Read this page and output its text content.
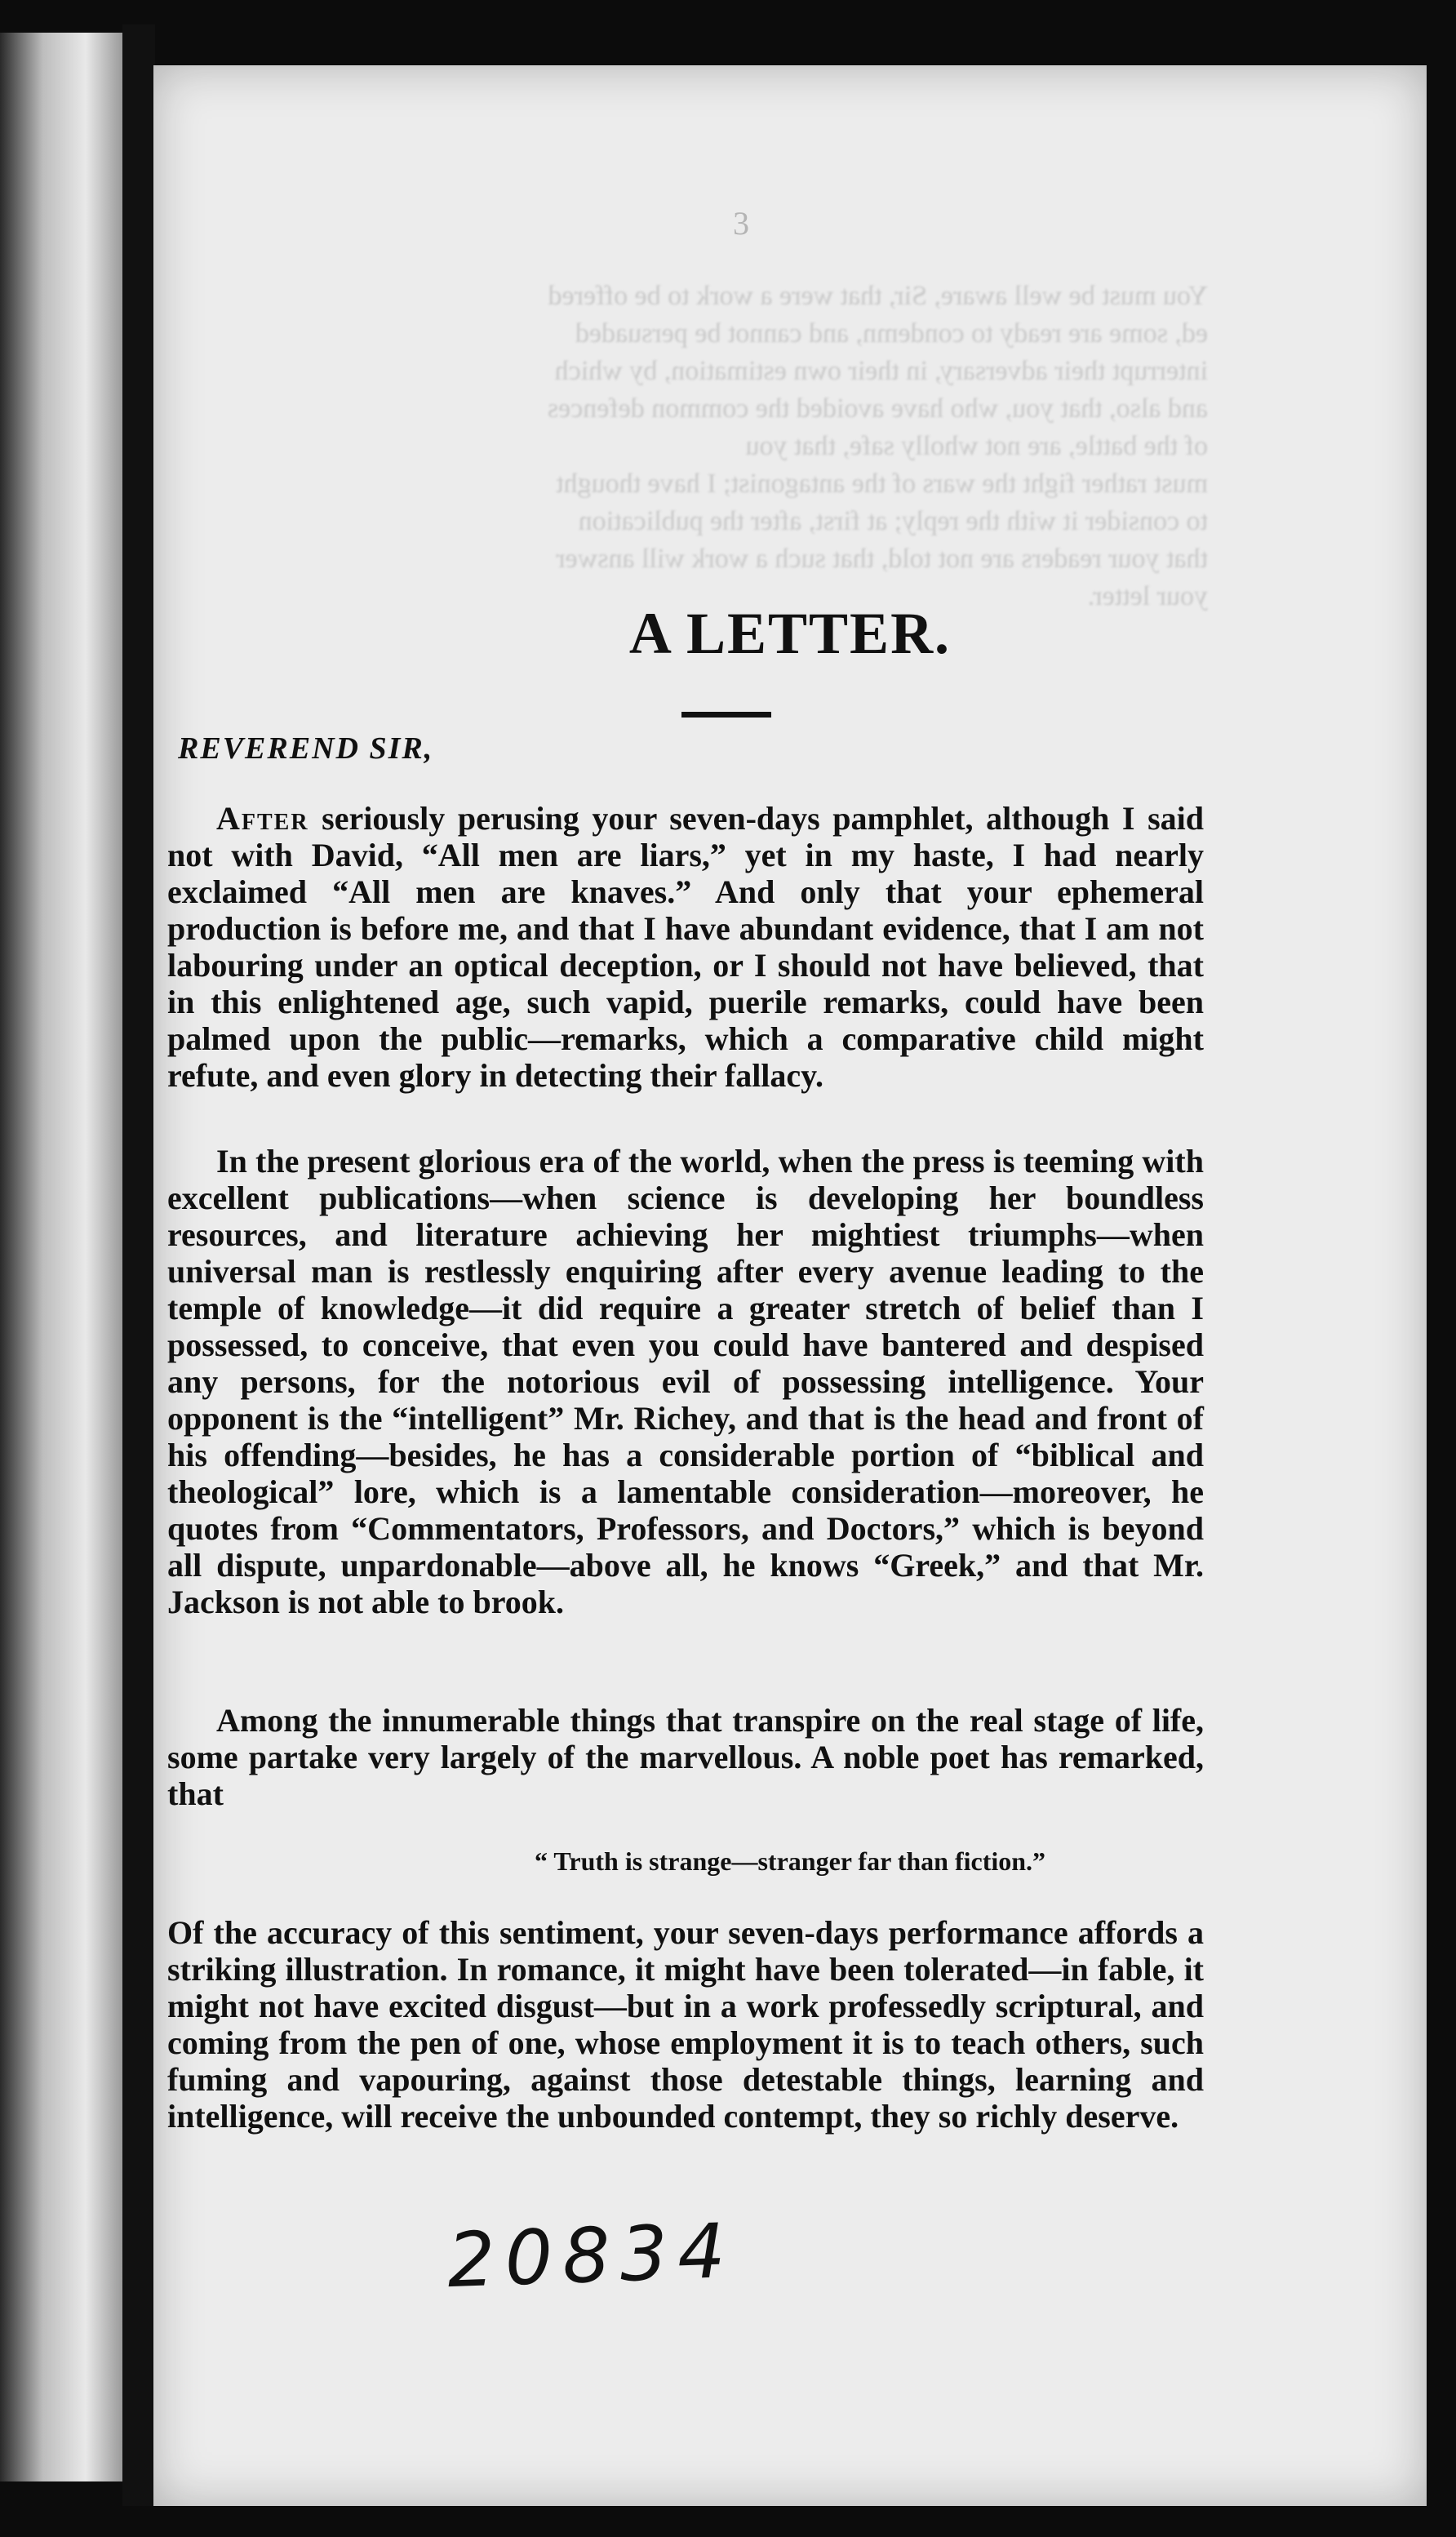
3
You must be well aware, Sir, that were a work to be offered
ed, some are ready to condemn, and cannot be persuaded
interrupt their adversary, in their own estimation, by which
and also, that you, who have avoided the common defences
of the battle, are not wholly safe, that you
must rather fight the wars of the antagonist; I have thought
to consider it with the reply; at first, after the publication
that your readers are not told, that such a work will answer
your letter.
A LETTER.
REVEREND SIR,

After seriously perusing your seven-days pamphlet, although I said not with David, “All men are liars,” yet in my haste, I had nearly exclaimed “All men are knaves.” And only that your ephemeral production is before me, and that I have abundant evidence, that I am not labouring under an optical deception, or I should not have believed, that in this enlightened age, such vapid, puerile remarks, could have been palmed upon the public—remarks, which a comparative child might refute, and even glory in detecting their fallacy.

In the present glorious era of the world, when the press is teeming with excellent publications—when science is developing her boundless resources, and literature achieving her mightiest triumphs—when universal man is restlessly enquiring after every avenue leading to the temple of knowledge—it did require a greater stretch of belief than I possessed, to conceive, that even you could have bantered and despised any persons, for the notorious evil of possessing intelligence. Your opponent is the “intelligent” Mr. Richey, and that is the head and front of his offending—besides, he has a considerable portion of “biblical and theological” lore, which is a lamentable consideration—moreover, he quotes from “Commentators, Professors, and Doctors,” which is beyond all dispute, unpardonable—above all, he knows “Greek,” and that Mr. Jackson is not able to brook.

Among the innumerable things that transpire on the real stage of life, some partake very largely of the marvellous. A noble poet has remarked, that

“ Truth is strange—stranger far than fiction.”

Of the accuracy of this sentiment, your seven-days performance affords a striking illustration. In romance, it might have been tolerated—in fable, it might not have excited disgust—but in a work professedly scriptural, and coming from the pen of one, whose employment it is to teach others, such fuming and vapouring, against those detestable things, learning and intelligence, will receive the unbounded contempt, they so richly deserve.

20834
